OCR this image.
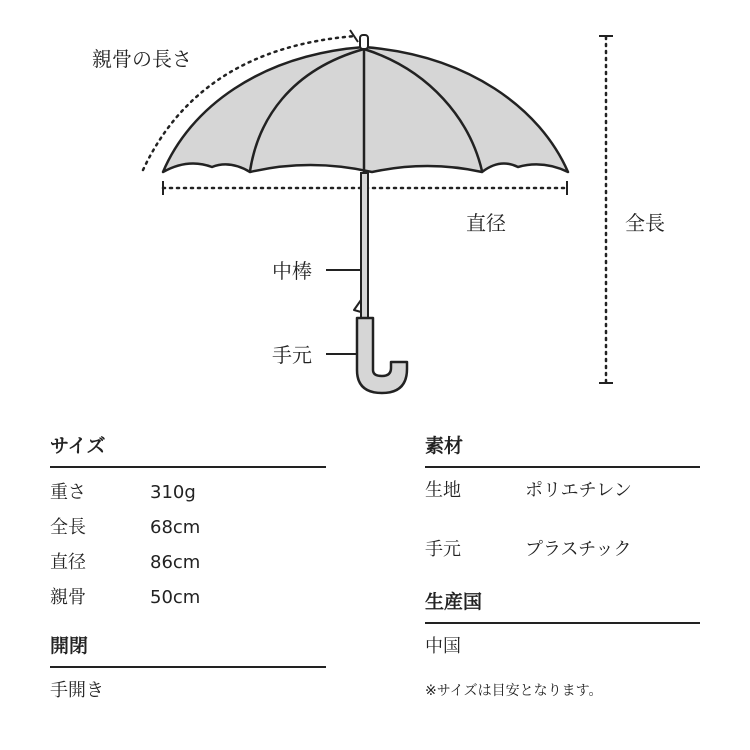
直径
中棒
手元
全長
親骨の長さ
サイズ
重さ	310g
全長	68cm
直径	86cm
親骨	50cm
開閉
手開き
素材
生地	ポリエチレン
手元	プラスチック
生産国
中国
※サイズは目安となります。
